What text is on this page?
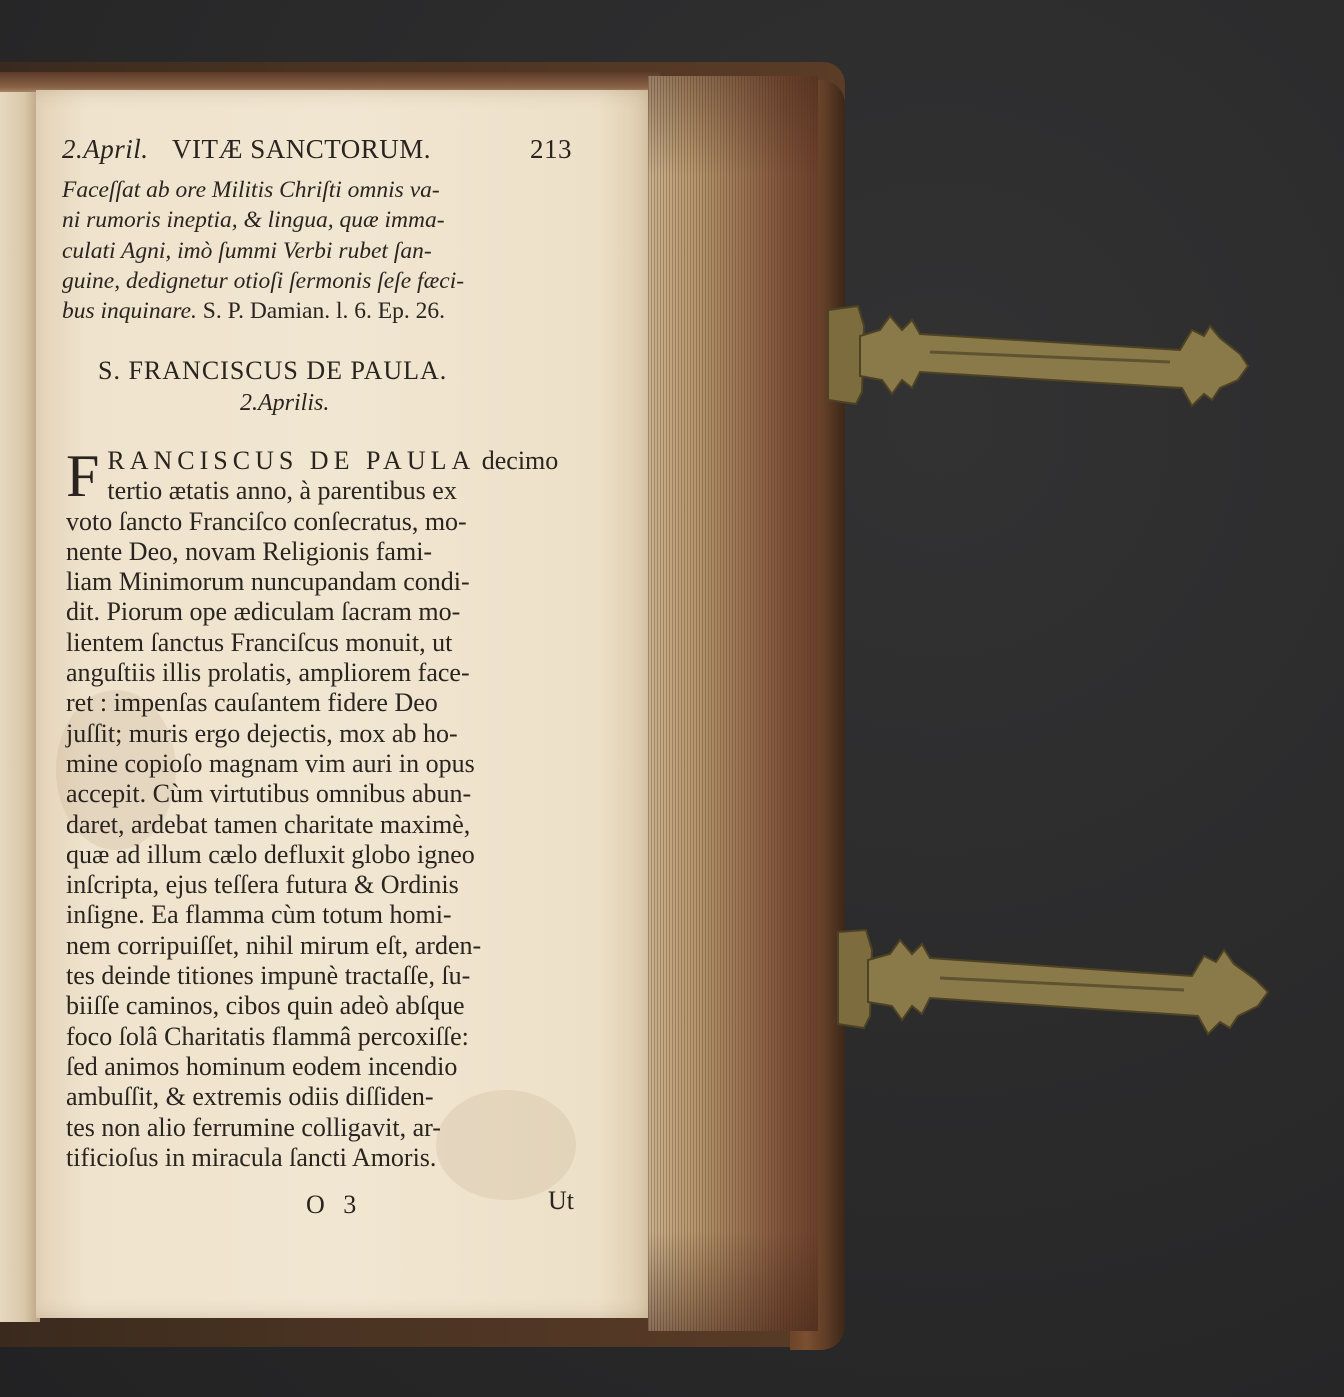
2.April. VITÆ SANCTORUM.	213
Faceſſat ab ore Militis Chriſti omnis va-
ni rumoris ineptia, & lingua, quæ imma-
culati Agni, imò ſummi Verbi rubet ſan-
guine, dedignetur otioſi ſermonis ſeſe fæci-
bus inquinare. S. P. Damian. l. 6. Ep. 26.
S. FRANCISCUS DE PAULA.
2.Aprilis.
F RANCISCUS DE PAULA decimo
tertio ætatis anno, à parentibus ex
voto ſancto Franciſco conſecratus, mo-
nente Deo, novam Religionis fami-
liam Minimorum nuncupandam condi-
dit. Piorum ope ædiculam ſacram mo-
lientem ſanctus Franciſcus monuit, ut
anguſtiis illis prolatis, ampliorem face-
ret : impenſas cauſantem fidere Deo
juſſit; muris ergo dejectis, mox ab ho-
mine copioſo magnam vim auri in opus
accepit. Cùm virtutibus omnibus abun-
daret, ardebat tamen charitate maximè,
quæ ad illum cælo defluxit globo igneo
inſcripta, ejus teſſera futura & Ordinis
inſigne. Ea flamma cùm totum homi-
nem corripuiſſet, nihil mirum eſt, arden-
tes deinde titiones impunè tractaſſe, ſu-
biiſſe caminos, cibos quin adeò abſque
foco ſolâ Charitatis flammâ percoxiſſe:
ſed animos hominum eodem incendio
ambuſſit, & extremis odiis diſſiden-
tes non alio ferrumine colligavit, ar-
tificioſus in miracula ſancti Amoris.
O 3	Ut
